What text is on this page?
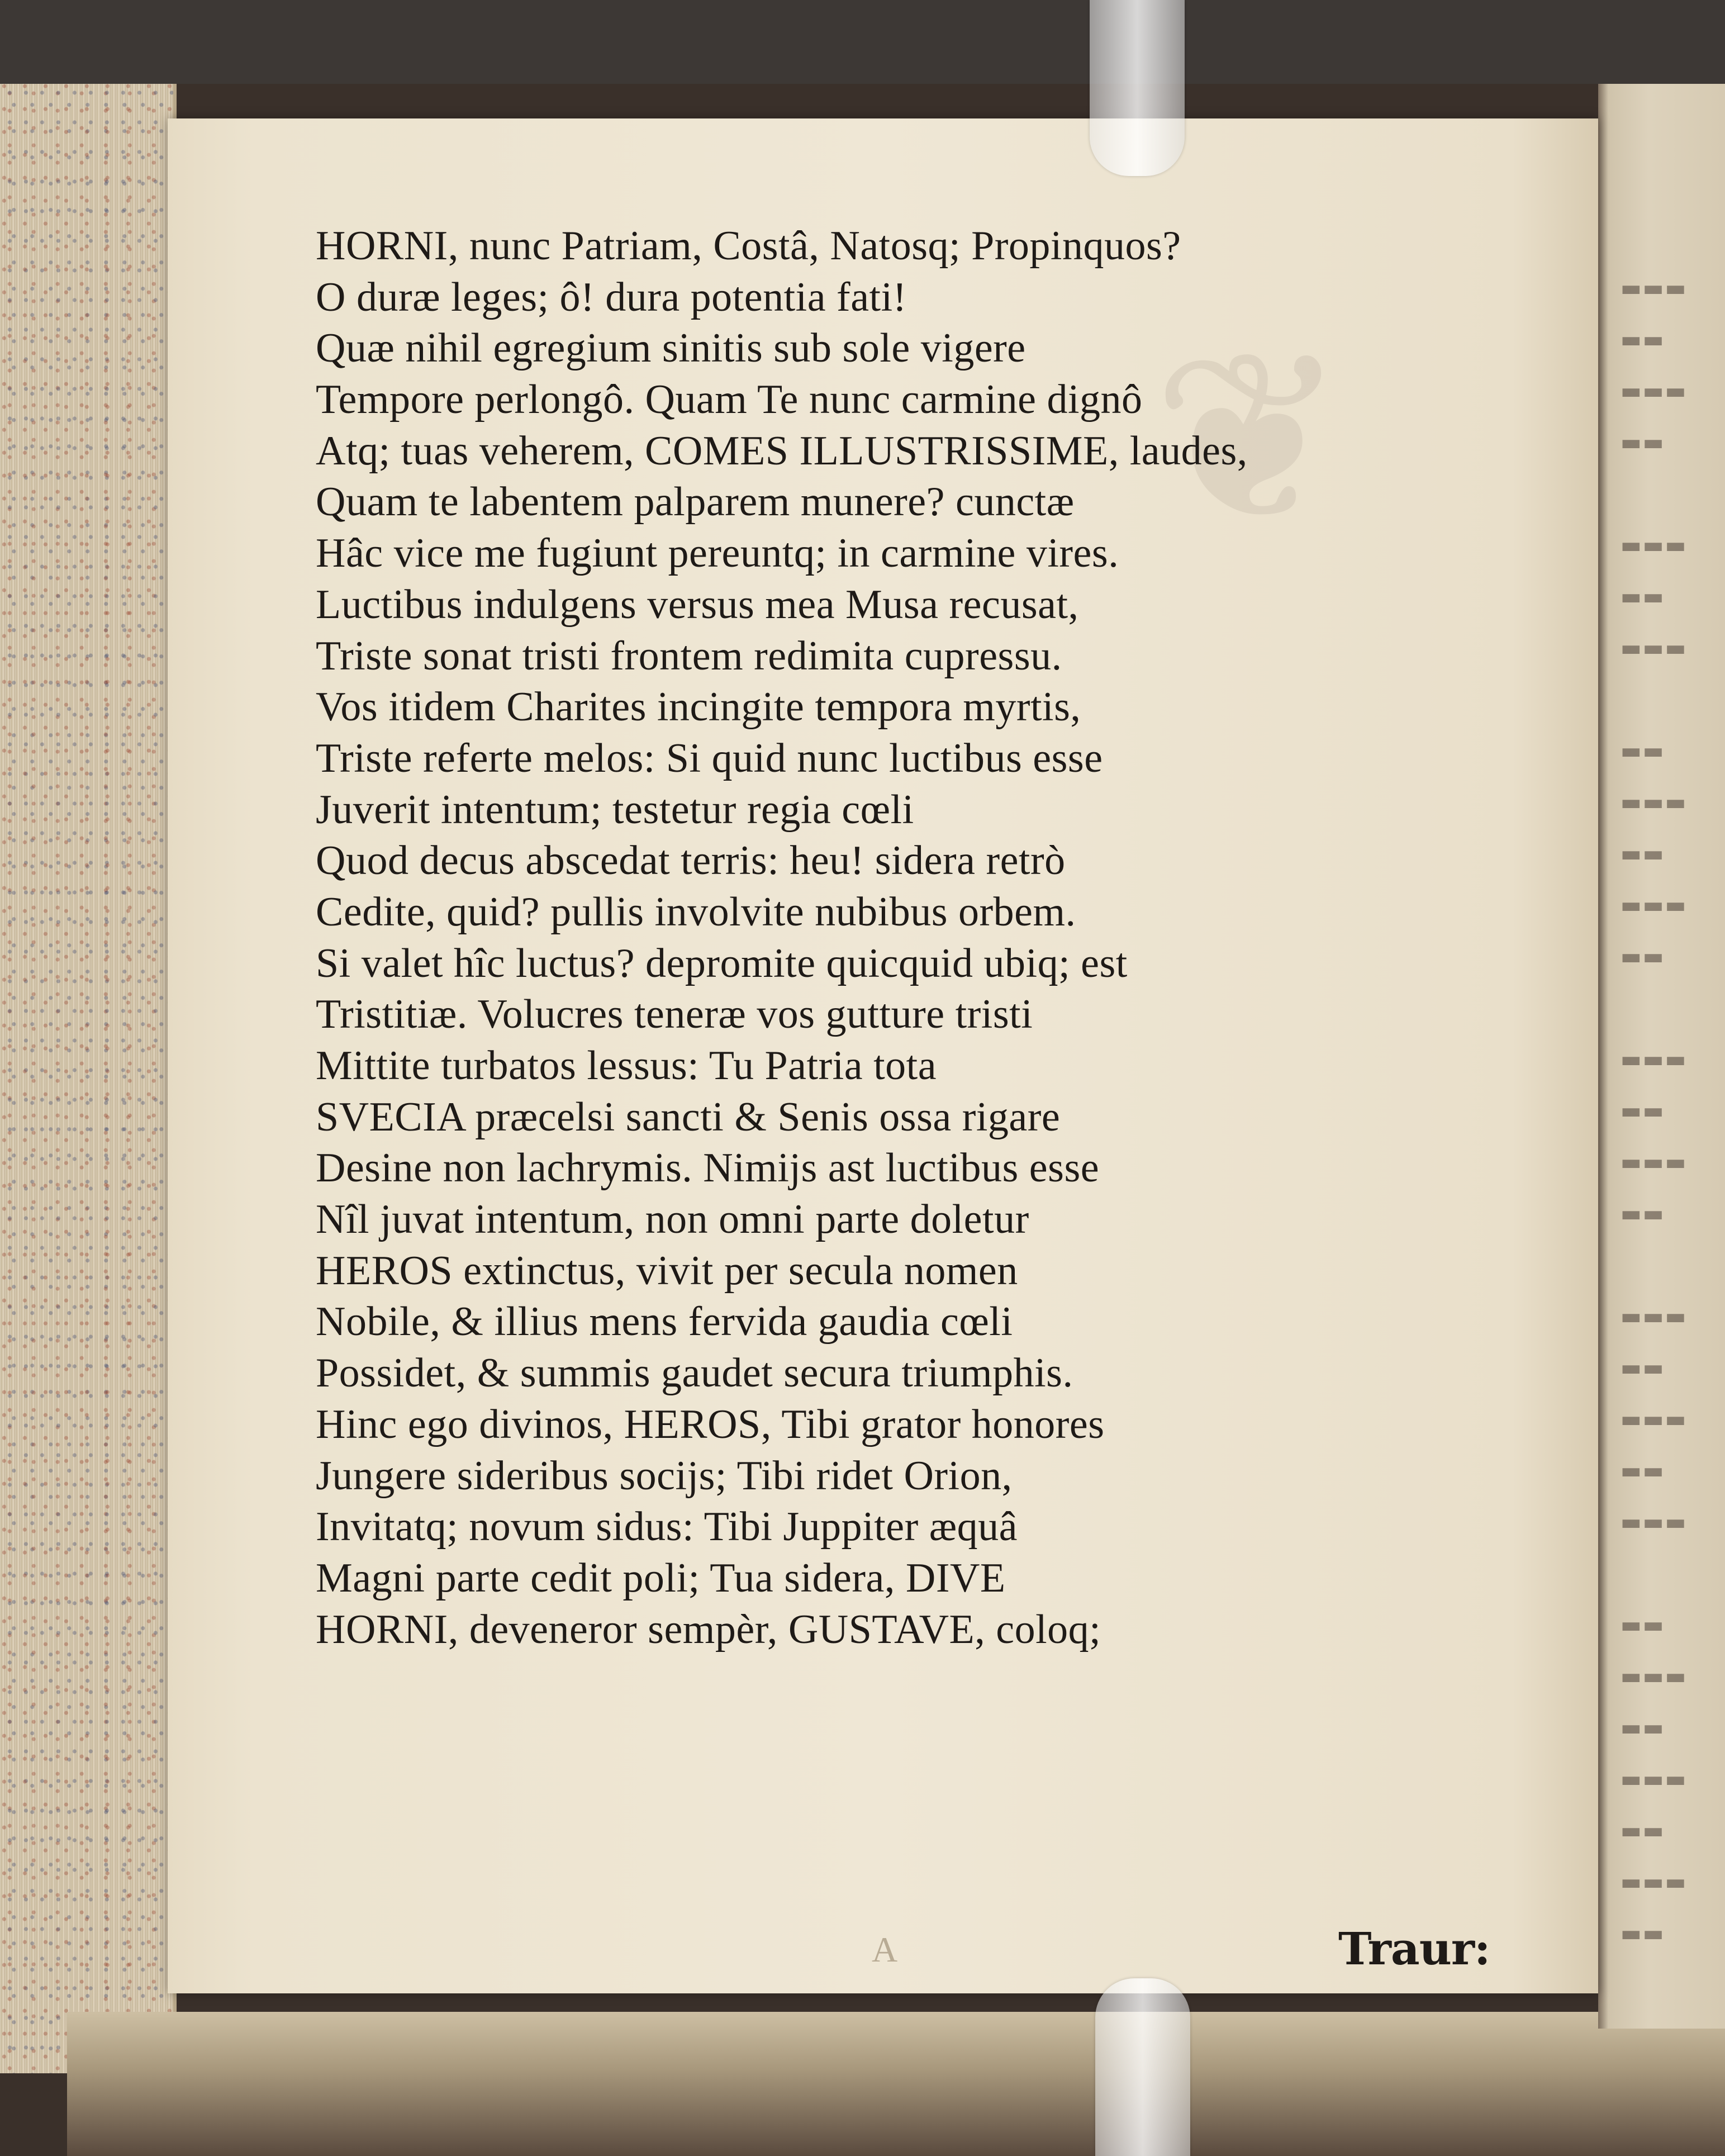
▬▬▬
▬▬
▬▬▬
▬▬

▬▬▬
▬▬
▬▬▬

▬▬
▬▬▬
▬▬
▬▬▬
▬▬

▬▬▬
▬▬
▬▬▬
▬▬

▬▬▬
▬▬
▬▬▬
▬▬
▬▬▬

▬▬
▬▬▬
▬▬
▬▬▬
▬▬
▬▬▬
▬▬
❦
HORNI, nunc Patriam, Costâ, Natosq; Propinquos?
O duræ leges; ô! dura potentia fati!
Quæ nihil egregium sinitis sub sole vigere
Tempore perlongô. Quam Te nunc carmine dignô
Atq; tuas veherem, COMES ILLUSTRISSIME, laudes,
Quam te labentem palparem munere? cunctæ
Hâc vice me fugiunt pereuntq; in carmine vires.
Luctibus indulgens versus mea Musa recusat,
Triste sonat tristi frontem redimita cupressu.
Vos itidem Charites incingite tempora myrtis,
Triste referte melos: Si quid nunc luctibus esse
Juverit intentum; testetur regia cœli
Quod decus abscedat terris: heu! sidera retrò
Cedite, quid? pullis involvite nubibus orbem.
Si valet hîc luctus? depromite quicquid ubiq; est
Tristitiæ. Volucres teneræ vos gutture tristi
Mittite turbatos lessus: Tu Patria tota
SVECIA præcelsi sancti & Senis ossa rigare
Desine non lachrymis. Nimijs ast luctibus esse
Nîl juvat intentum, non omni parte doletur
HEROS extinctus, vivit per secula nomen
Nobile, & illius mens fervida gaudia cœli
Possidet, & summis gaudet secura triumphis.
Hinc ego divinos, HEROS, Tibi grator honores
Jungere sideribus socijs; Tibi ridet Orion,
Invitatq; novum sidus: Tibi Juppiter æquâ
Magni parte cedit poli; Tua sidera, DIVE
HORNI, deveneror sempèr, GUSTAVE, coloq;
A	Traur:
